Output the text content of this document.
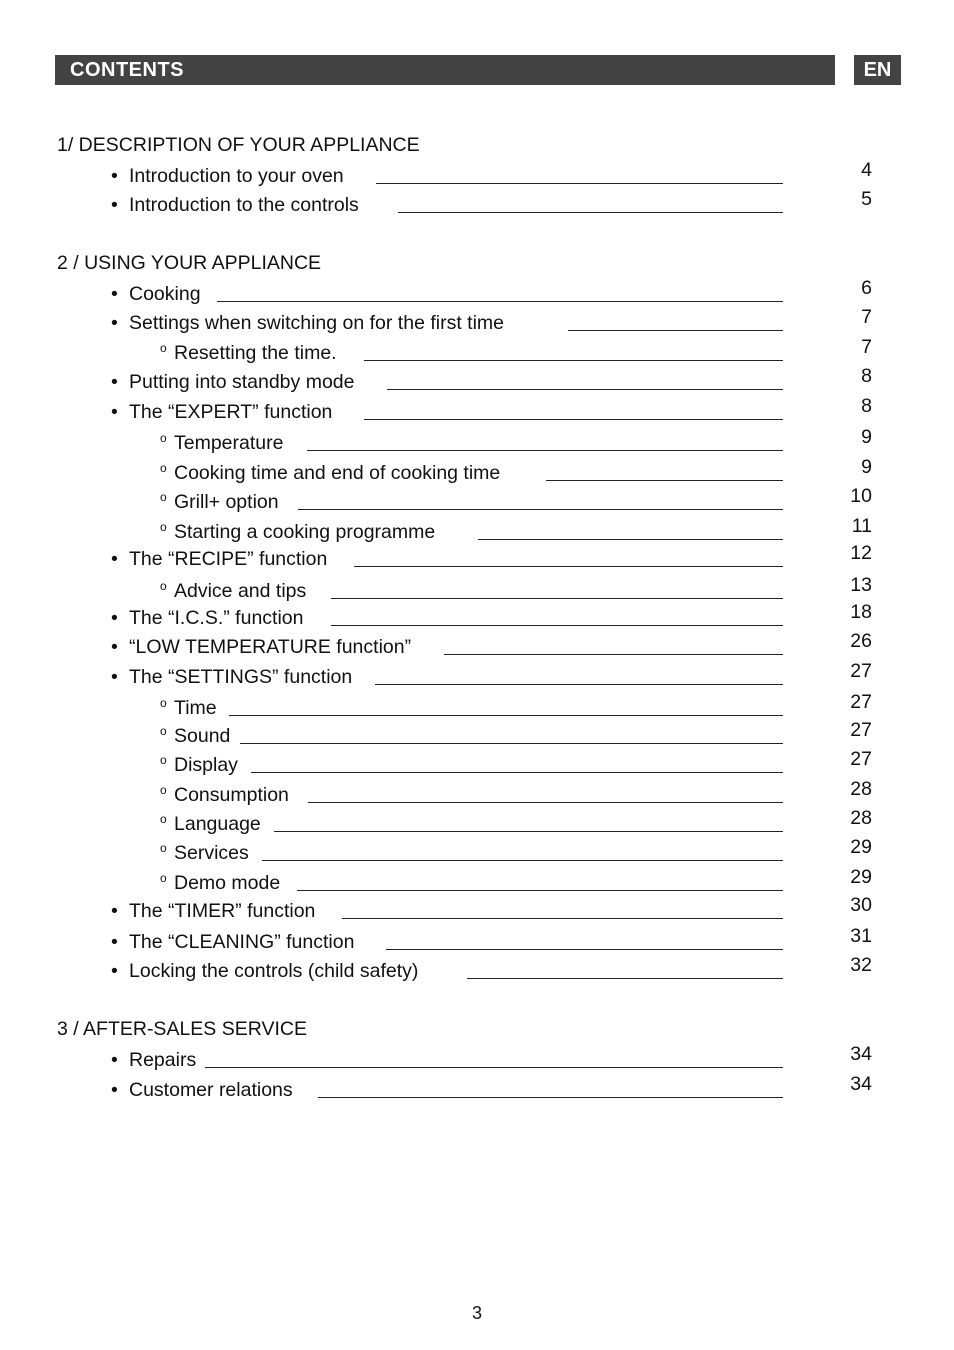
CONTENTS	EN
1/ DESCRIPTION OF YOUR APPLIANCE
• Introduction to your oven	4
• Introduction to the controls	5
2 / USING YOUR APPLIANCE
• Cooking	6
• Settings when switching on for the first time	7
o Resetting the time.	7
• Putting into standby mode	8
• The “EXPERT” function	8
o Temperature	9
o Cooking time and end of cooking time	9
o Grill+ option	10
o Starting a cooking programme	11
• The “RECIPE” function	12
o Advice and tips	13
• The “I.C.S.” function	18
• “LOW TEMPERATURE function”	26
• The “SETTINGS” function	27
o Time	27
o Sound	27
o Display	27
o Consumption	28
o Language	28
o Services	29
o Demo mode	29
• The “TIMER” function	30
• The “CLEANING” function	31
• Locking the controls (child safety)	32
3 / AFTER-SALES SERVICE
• Repairs	34
• Customer relations	34
3
